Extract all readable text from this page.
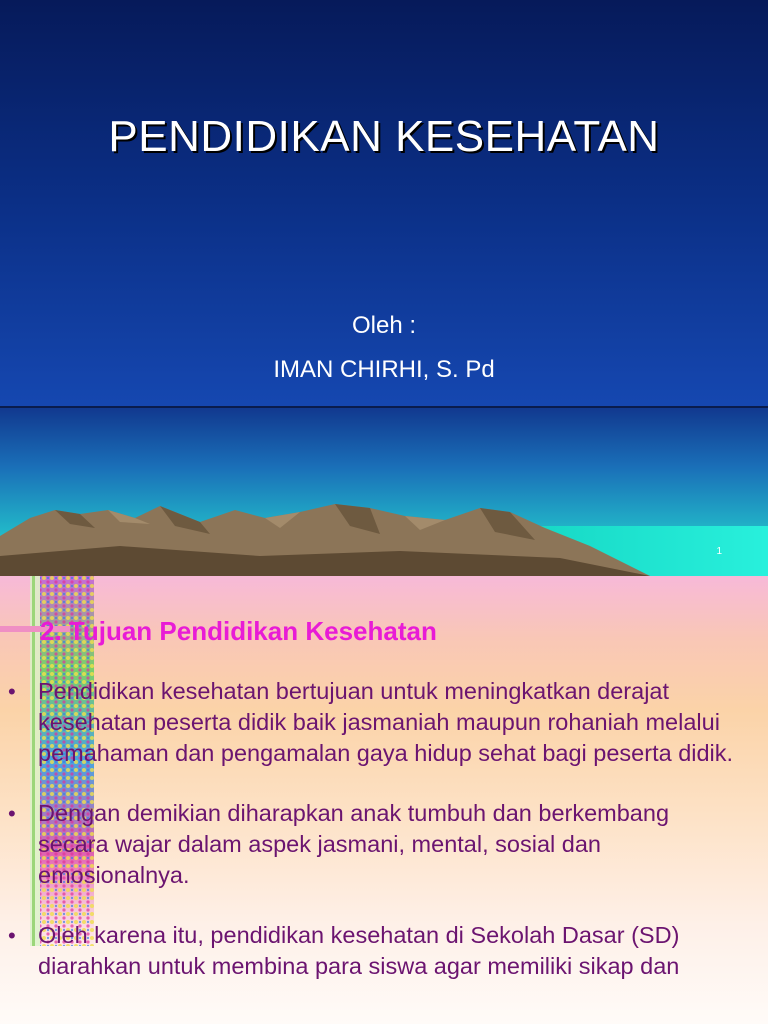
PENDIDIKAN KESEHATAN
Oleh :
IMAN CHIRHI, S. Pd
1
2. Tujuan Pendidikan Kesehatan
• Pendidikan kesehatan bertujuan untuk meningkatkan derajat kesehatan peserta didik baik jasmaniah maupun rohaniah melalui pemahaman dan pengamalan gaya hidup sehat bagi peserta didik.
• Dengan demikian diharapkan anak tumbuh dan berkembang secara wajar dalam aspek jasmani, mental, sosial dan emosionalnya.
• Oleh karena itu, pendidikan kesehatan di Sekolah Dasar (SD) diarahkan untuk membina para siswa agar memiliki sikap dan
